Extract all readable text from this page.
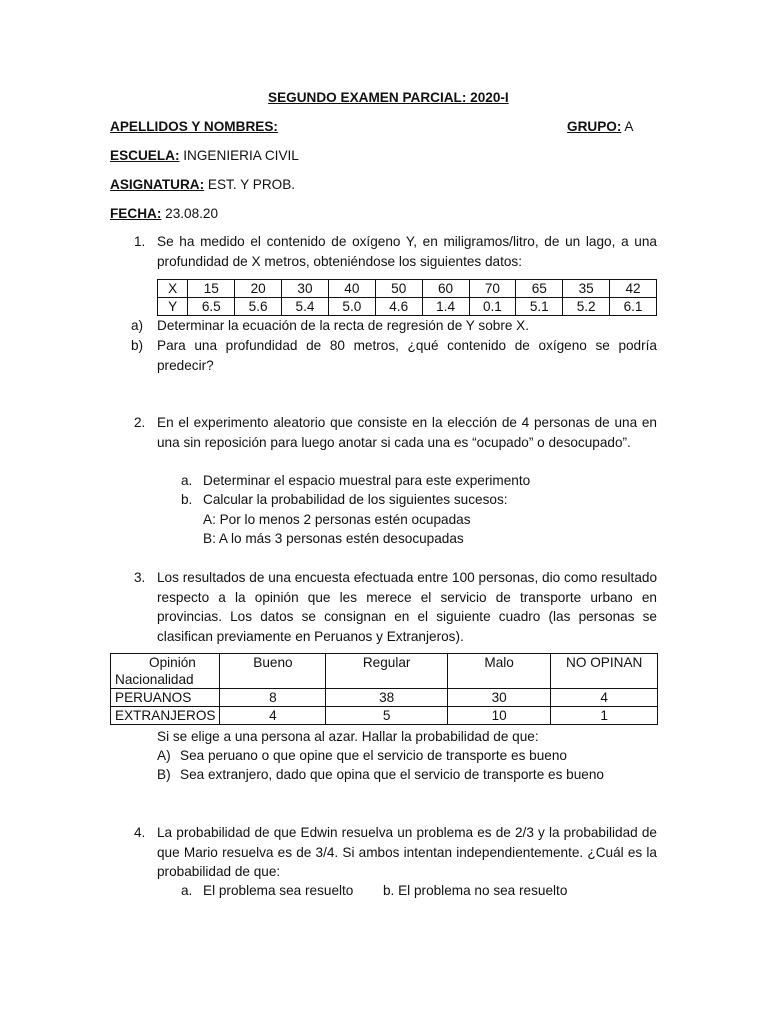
SEGUNDO EXAMEN PARCIAL: 2020-I
APELLIDOS Y NOMBRES:	GRUPO: A
ESCUELA: INGENIERIA CIVIL
ASIGNATURA: EST. Y PROB.
FECHA: 23.08.20
1. Se ha medido el contenido de oxígeno Y, en miligramos/litro, de un lago, a una profundidad de X metros, obteniéndose los siguientes datos:
X	15	20	30	40	50	60	70	65	35	42
Y	6.5	5.6	5.4	5.0	4.6	1.4	0.1	5.1	5.2	6.1
a) Determinar la ecuación de la recta de regresión de Y sobre X.
b) Para una profundidad de 80 metros, ¿qué contenido de oxígeno se podría predecir?
2. En el experimento aleatorio que consiste en la elección de 4 personas de una en una sin reposición para luego anotar si cada una es “ocupado” o desocupado”.
a. Determinar el espacio muestral para este experimento
b. Calcular la probabilidad de los siguientes sucesos:
A: Por lo menos 2 personas estén ocupadas
B: A lo más 3 personas estén desocupadas
3. Los resultados de una encuesta efectuada entre 100 personas, dio como resultado respecto a la opinión que les merece el servicio de transporte urbano en provincias. Los datos se consignan en el siguiente cuadro (las personas se clasifican previamente en Peruanos y Extranjeros).
Opinión
Nacionalidad	Bueno	Regular	Malo	NO OPINAN
PERUANOS	8	38	30	4
EXTRANJEROS	4	5	10	1
Si se elige a una persona al azar. Hallar la probabilidad de que:
A) Sea peruano o que opine que el servicio de transporte es bueno
B) Sea extranjero, dado que opina que el servicio de transporte es bueno
4. La probabilidad de que Edwin resuelva un problema es de 2/3 y la probabilidad de que Mario resuelva es de 3/4. Si ambos intentan independientemente. ¿Cuál es la probabilidad de que:
a. El problema sea resuelto b. El problema no sea resuelto
